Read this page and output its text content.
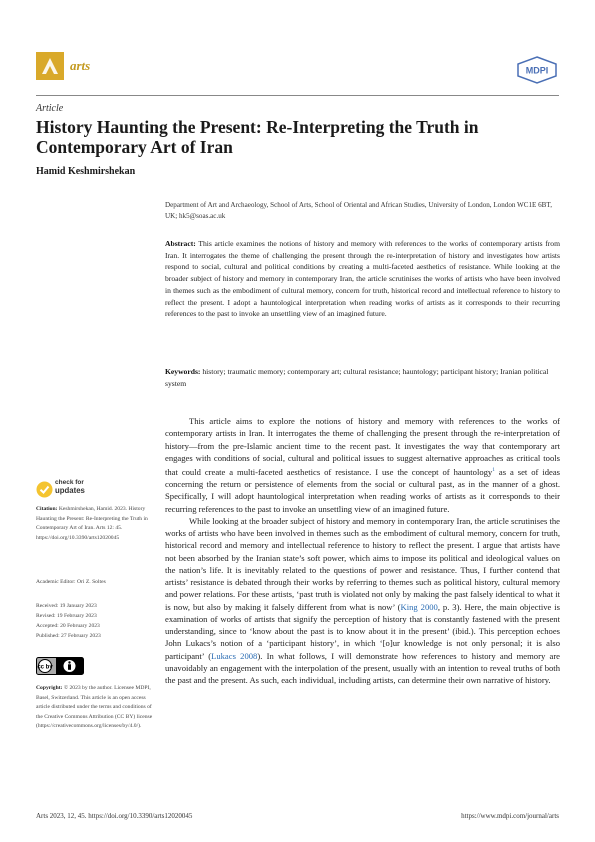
arts	MDPI
Article
History Haunting the Present: Re-Interpreting the Truth in Contemporary Art of Iran
Hamid Keshmirshekan
Department of Art and Archaeology, School of Arts, School of Oriental and African Studies, University of London, London WC1E 6BT, UK; hk5@soas.ac.uk
Abstract: This article examines the notions of history and memory with references to the works of contemporary artists from Iran. It interrogates the theme of challenging the present through the re-interpretation of history and investigates how artists respond to social, cultural and political conditions by creating a multi-faceted aesthetics of resistance. While looking at the broader subject of history and memory in contemporary Iran, the article scrutinises the works of artists who have been involved in themes such as the embodiment of cultural memory, concern for truth, historical record and intellectual reference to history to reflect the present. I adopt a hauntological interpretation when reading works of artists as it corresponds to their recurring references to the past to invoke an unsettling view of an imagined future.
Keywords: history; traumatic memory; contemporary art; cultural resistance; hauntology; participant history; Iranian political system

This article aims to explore the notions of history and memory with references to the works of contemporary artists in Iran. It interrogates the theme of challenging the present through the re-interpretation of history—from the pre-Islamic ancient time to the recent past. It investigates the way that contemporary art engages with conditions of social, cultural and political issues to suggest alternative approaches as critical tools that could create a multi-faceted aesthetics of resistance. I use the concept of hauntology$^1$ as a set of ideas concerning the return or persistence of elements from the social or cultural past, as in the manner of a ghost. Specifically, I will adopt hauntological interpretation when reading works of artists as it corresponds to their recurring references to the past to invoke an unsettling view of an imagined future.

While looking at the broader subject of history and memory in contemporary Iran, the article scrutinises the works of artists who have been involved in themes such as the embodiment of cultural memory, concern for truth, historical record and memory and intellectual reference to history to reflect the present. I argue that artists have not been absorbed by the Iranian state’s soft power, which aims to impose its political and ideological values on the nation’s life. It is inevitably related to the questions of power and resistance. Thus, I further contend that artists’ resistance is debated through their works by referring to themes such as political history, cultural memory and power relations. For these artists, ‘past truth is violated not only by making the past falsely identical to what it is now, but also by making it falsely different from what is now’ (King 2000, p. 3). Here, the main objective is examination of works of artists that signify the perception of history that is constantly fastened with the present understanding, since to ‘know about the past is to know about it in the present’ (ibid.). This perception echoes John Lukacs’s notion of a ‘participant history’, in which ‘[o]ur knowledge is not only personal; it is also participant’ (Lukacs 2008). In what follows, I will demonstrate how references to history and memory are unavoidably an engagement with the interpolation of the present, usually with an intention to reveal truths of both the past and the present. As such, each individual, including artists, can determine their own narrative of history.

check for
updates
Citation: Keshmirshekan, Hamid. 2023. History Haunting the Present: Re-Interpreting the Truth in Contemporary Art of Iran. Arts 12: 45. https://doi.org/10.3390/arts12020045
Academic Editor: Ori Z. Soltes
Received: 19 January 2023
Revised: 19 February 2023
Accepted: 20 February 2023
Published: 27 February 2023
cc by
Copyright: © 2023 by the author. Licensee MDPI, Basel, Switzerland. This article is an open access article distributed under the terms and conditions of the Creative Commons Attribution (CC BY) license (https://creativecommons.org/licenses/by/4.0/).
Arts 2023, 12, 45. https://doi.org/10.3390/arts12020045	https://www.mdpi.com/journal/arts
